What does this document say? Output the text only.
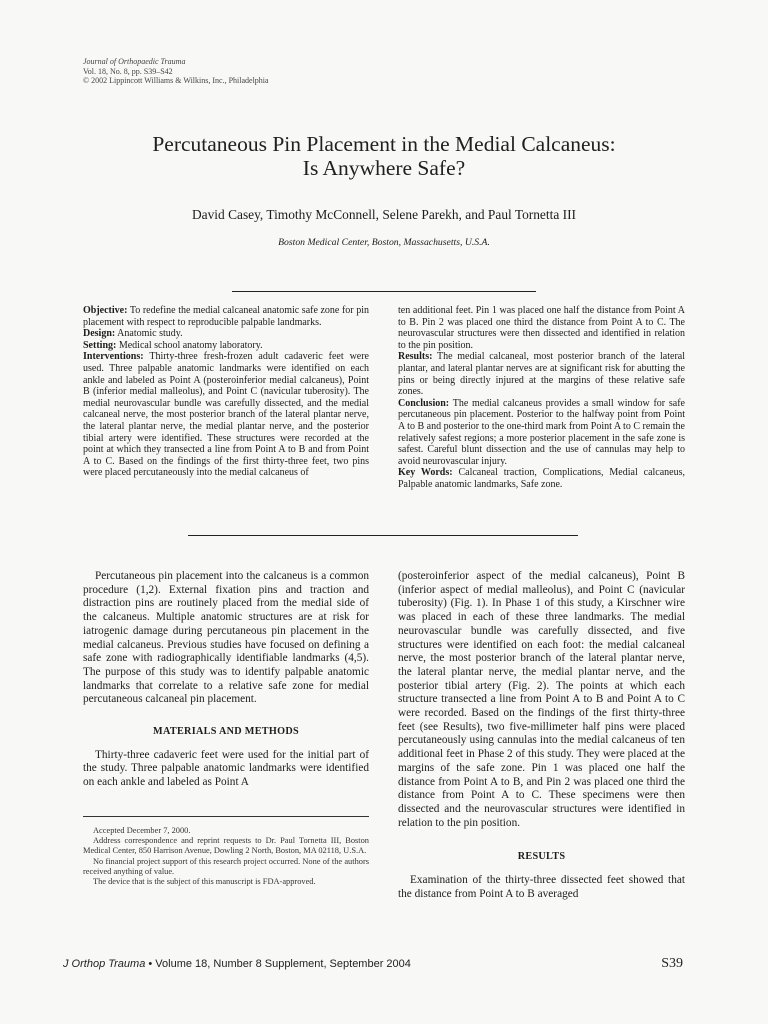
Journal of Orthopaedic Trauma
Vol. 18, No. 8, pp. S39–S42
© 2002 Lippincott Williams & Wilkins, Inc., Philadelphia
Percutaneous Pin Placement in the Medial Calcaneus:
Is Anywhere Safe?
David Casey, Timothy McConnell, Selene Parekh, and Paul Tornetta III
Boston Medical Center, Boston, Massachusetts, U.S.A.

Objective: To redefine the medial calcaneal anatomic safe zone for pin placement with respect to reproducible palpable landmarks.

Design: Anatomic study.

Setting: Medical school anatomy laboratory.

Interventions: Thirty-three fresh-frozen adult cadaveric feet were used. Three palpable anatomic landmarks were identified on each ankle and labeled as Point A (posteroinferior medial calcaneus), Point B (inferior medial malleolus), and Point C (navicular tuberosity). The medial neurovascular bundle was carefully dissected, and the medial calcaneal nerve, the most posterior branch of the lateral plantar nerve, the lateral plantar nerve, the medial plantar nerve, and the posterior tibial artery were identified. These structures were recorded at the point at which they transected a line from Point A to B and from Point A to C. Based on the findings of the first thirty-three feet, two pins were placed percutaneously into the medial calcaneus of

ten additional feet. Pin 1 was placed one half the distance from Point A to B. Pin 2 was placed one third the distance from Point A to C. The neurovascular structures were then dissected and identified in relation to the pin position.

Results: The medial calcaneal, most posterior branch of the lateral plantar, and lateral plantar nerves are at significant risk for abutting the pins or being directly injured at the margins of these relative safe zones.

Conclusion: The medial calcaneus provides a small window for safe percutaneous pin placement. Posterior to the halfway point from Point A to B and posterior to the one-third mark from Point A to C remain the relatively safest regions; a more posterior placement in the safe zone is safest. Careful blunt dissection and the use of cannulas may help to avoid neurovascular injury.

Key Words: Calcaneal traction, Complications, Medial calcaneus, Palpable anatomic landmarks, Safe zone.

Percutaneous pin placement into the calcaneus is a common procedure (1,2). External fixation pins and traction and distraction pins are routinely placed from the medial side of the calcaneus. Multiple anatomic structures are at risk for iatrogenic damage during percutaneous pin placement in the medial calcaneus. Previous studies have focused on defining a safe zone with radiographically identifiable landmarks (4,5). The purpose of this study was to identify palpable anatomic landmarks that correlate to a relative safe zone for medial percutaneous calcaneal pin placement.

MATERIALS AND METHODS

Thirty-three cadaveric feet were used for the initial part of the study. Three palpable anatomic landmarks were identified on each ankle and labeled as Point A

(posteroinferior aspect of the medial calcaneus), Point B (inferior aspect of medial malleolus), and Point C (navicular tuberosity) (Fig. 1). In Phase 1 of this study, a Kirschner wire was placed in each of these three landmarks. The medial neurovascular bundle was carefully dissected, and five structures were identified on each foot: the medial calcaneal nerve, the most posterior branch of the lateral plantar nerve, the lateral plantar nerve, the medial plantar nerve, and the posterior tibial artery (Fig. 2). The points at which each structure transected a line from Point A to B and Point A to C were recorded. Based on the findings of the first thirty-three feet (see Results), two five-millimeter half pins were placed percutaneously using cannulas into the medial calcaneus of ten additional feet in Phase 2 of this study. They were placed at the margins of the safe zone. Pin 1 was placed one half the distance from Point A to B, and Pin 2 was placed one third the distance from Point A to C. These specimens were then dissected and the neurovascular structures were identified in relation to the pin position.

RESULTS

Examination of the thirty-three dissected feet showed that the distance from Point A to B averaged

Accepted December 7, 2000.

Address correspondence and reprint requests to Dr. Paul Tornetta III, Boston Medical Center, 850 Harrison Avenue, Dowling 2 North, Boston, MA 02118, U.S.A.

No financial project support of this research project occurred. None of the authors received anything of value.

The device that is the subject of this manuscript is FDA-approved.

J Orthop Trauma • Volume 18, Number 8 Supplement, September 2004	S39
